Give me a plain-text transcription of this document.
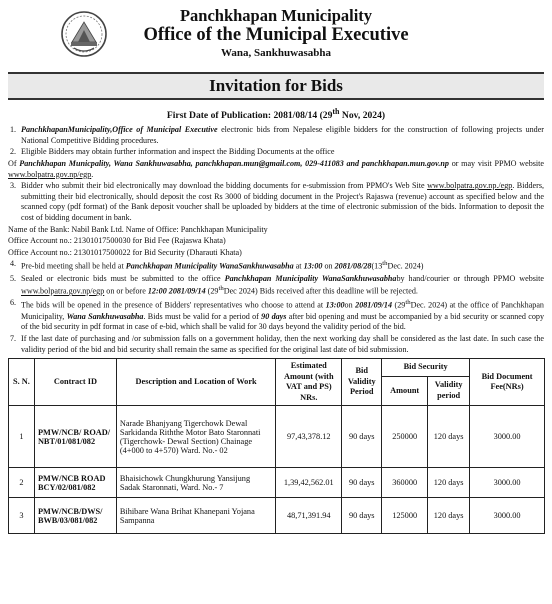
Panchkhapan Municipality
Office of the Municipal Executive
Wana, Sankhuwasabha
Invitation for Bids
First Date of Publication: 2081/08/14 (29th Nov, 2024)
1. PanchkhapanMunicipality,Office of Municipal Executive electronic bids from Nepalese eligible bidders for the construction of following projects under National Competitive Bidding procedures.
2. Eligible Bidders may obtain further information and inspect the Bidding Documents at the office
Of Panchkhapan Municpality, Wana Sankhuwasabha, panchkhapan.mun@gmail.com, 029-411083 and panchkhapan.mun.gov.np or may visit PPMO website www.bolpatra.gov.np/egp.
3. Bidder who submit their bid electronically may download the bidding documents for e-submission from PPMO's Web Site www.bolpatra.gov.np./egp. Bidders, submitting their bid electronically, should deposit the cost Rs 3000 of bidding document in the Project's Rajaswa (revenue) account as specified below and the scanned copy (pdf format) of the Bank deposit voucher shall be uploaded by bidders at the time of electronic submission of the bids. Information to deposit the cost of bidding document in bank.
Name of the Bank: Nabil Bank Ltd. Name of Office: Panchkhapan Municipality
Office Account no.: 21301017500030 for Bid Fee (Rajaswa Khata)
Office Account no.: 21301017500022 for Bid Security (Dharauti Khata)
4. Pre-bid meeting shall be held at Panchkhapan Municipality WanaSankhuwasabha at 13:00 on 2081/08/28(13thDec. 2024)
5. Sealed or electronic bids must be submitted to the office Panchkhapan Municipality WanaSankhuwasabhaby hand/courier or through PPMO website www.bolpatra.gov.np/egp on or before 12:00 2081/09/14 (29thDec 2024) Bids received after this deadline will be rejected.
6. The bids will be opened in the presence of Bidders' representatives who choose to attend at 13:00on 2081/09/14 (29thDec. 2024) at the office of Panchkhapan Municipality, Wana Sankhuwasabha. Bids must be valid for a period of 90 days after bid opening and must be accompanied by a bid security or scanned copy of the bid security in pdf format in case of e-bid, which shall be valid for 30 days beyond the validity period of the bid.
7. If the last date of purchasing and /or submission falls on a government holiday, then the next working day shall be considered as the last date. In such case the validity period of the bid and bid security shall remain the same as specified for the original last date of bid submission.
S. N.	Contract ID	Description and Location of Work	Estimated Amount (with VAT and PS) NRs.	Bid Validity Period	Bid Security		Bid Document Fee(NRs)
					Amount	Validity period	
1	PMW/NCB/ ROAD/ NBT/01/081/082	Narade Bhanjyang Tigerchowk Dewal Sarkidanda Riththe Motor Bato Staronnati (Tigerchowk- Dewal Section) Chainage (4+000 to 4+570) Ward. No.- 02	97,43,378.12	90 days	250000	120 days	3000.00
2	PMW/NCB ROAD BCY/02/081/082	Bhaisichowk Chungkhurung Yansijung Sadak Staronnati, Ward. No.- 7	1,39,42,562.01	90 days	360000	120 days	3000.00
3	PMW/NCB/DWS/ BWB/03/081/082	Bihibare Wana Brihat Khanepani Yojana Sampanna	48,71,391.94	90 days	125000	120 days	3000.00
